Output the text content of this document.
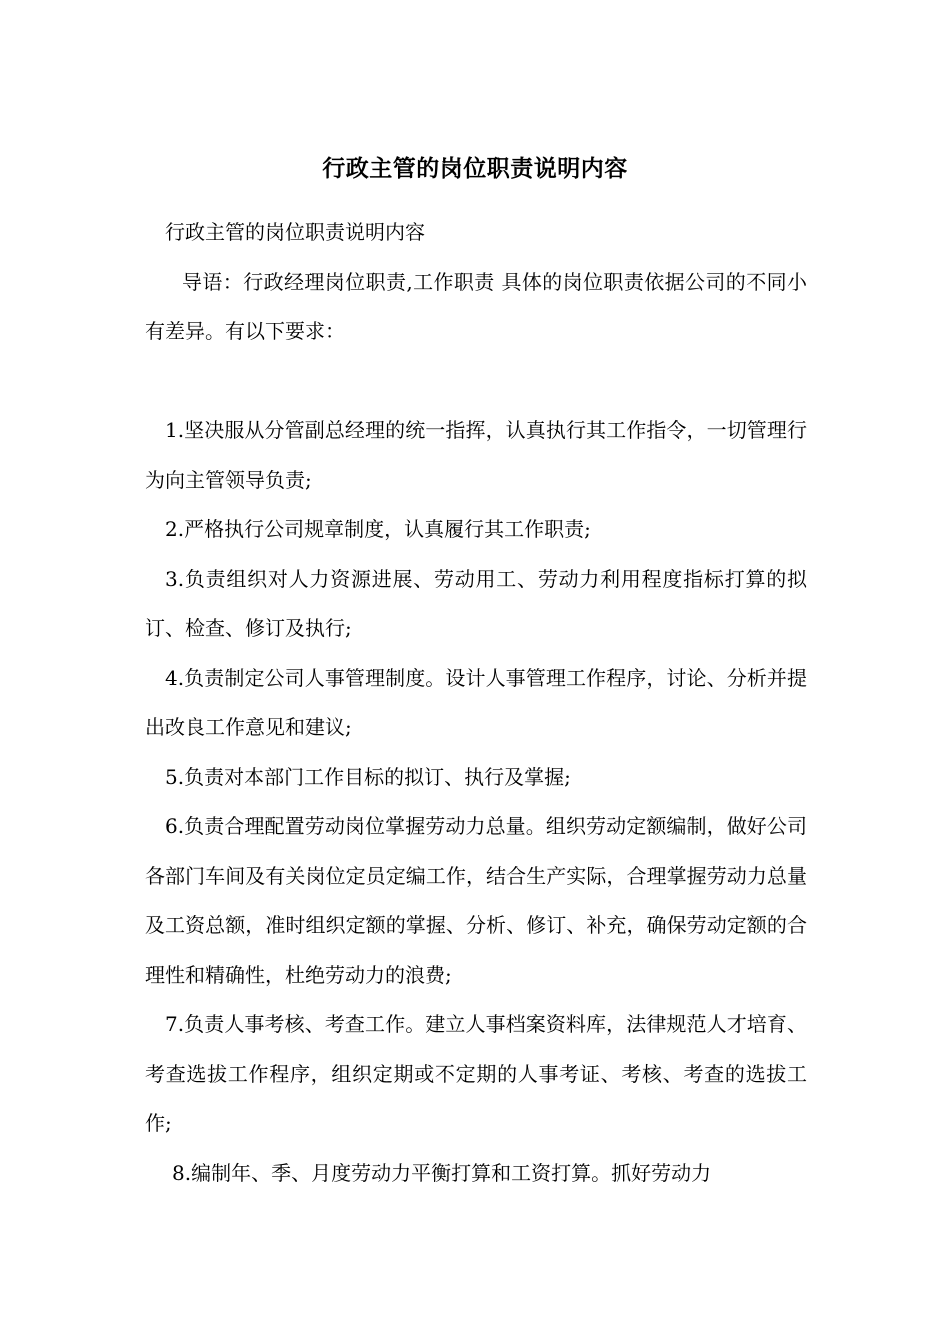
行政主管的岗位职责说明内容

行政主管的岗位职责说明内容

导语：行政经理岗位职责,工作职责 具体的岗位职责依据公司的不同小有差异。有以下要求：

1.坚决服从分管副总经理的统一指挥，认真执行其工作指令，一切管理行为向主管领导负责;

2.严格执行公司规章制度，认真履行其工作职责;

3.负责组织对人力资源进展、劳动用工、劳动力利用程度指标打算的拟订、检查、修订及执行;

4.负责制定公司人事管理制度。设计人事管理工作程序，讨论、分析并提出改良工作意见和建议;

5.负责对本部门工作目标的拟订、执行及掌握;

6.负责合理配置劳动岗位掌握劳动力总量。组织劳动定额编制，做好公司各部门车间及有关岗位定员定编工作，结合生产实际，合理掌握劳动力总量及工资总额，准时组织定额的掌握、分析、修订、补充，确保劳动定额的合理性和精确性，杜绝劳动力的浪费;

7.负责人事考核、考查工作。建立人事档案资料库，法律规范人才培育、考查选拔工作程序，组织定期或不定期的人事考证、考核、考查的选拔工作;

8.编制年、季、月度劳动力平衡打算和工资打算。抓好劳动力
